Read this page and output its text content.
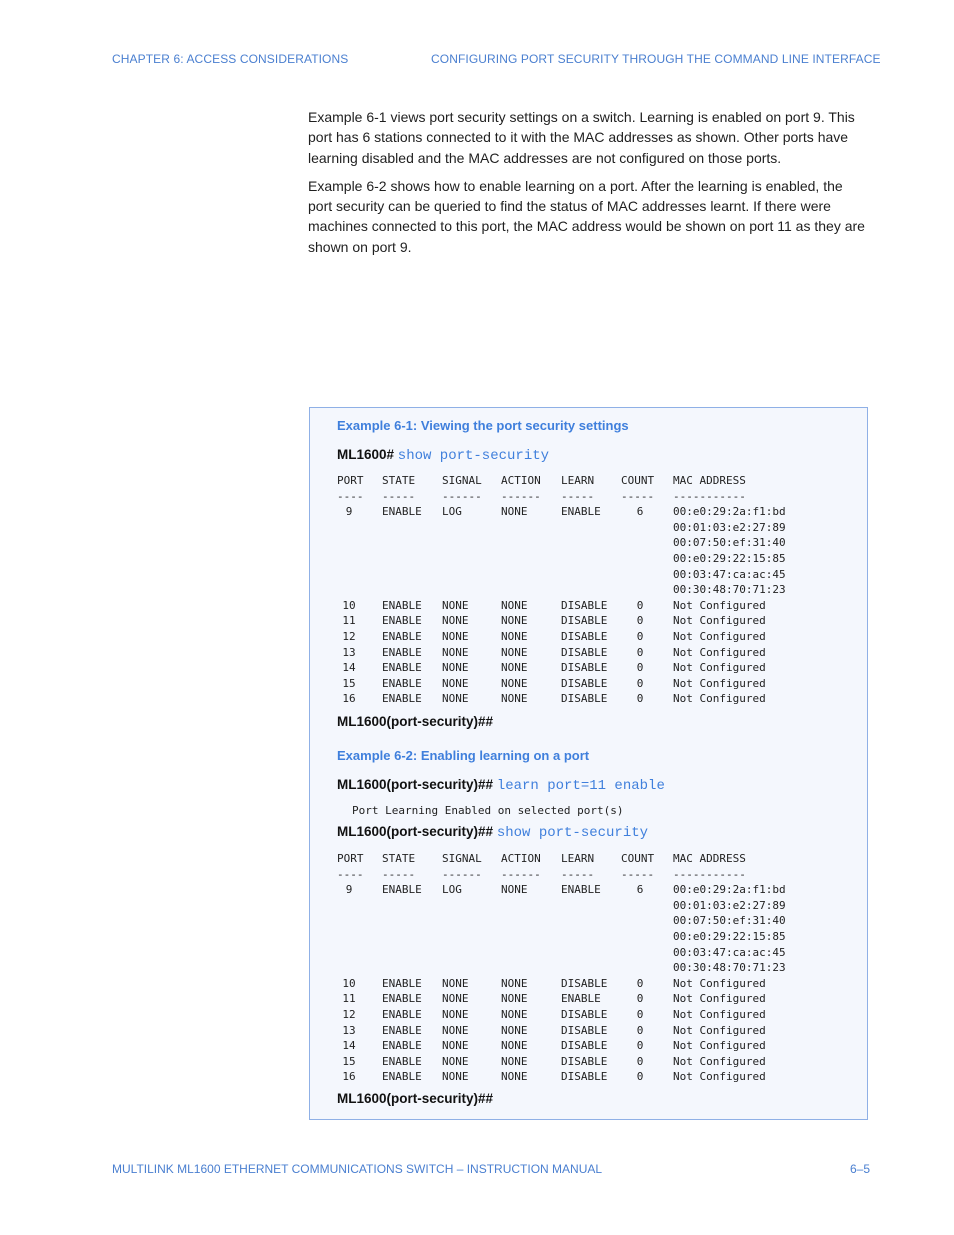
CHAPTER 6: ACCESS CONSIDERATIONS	CONFIGURING PORT SECURITY THROUGH THE COMMAND LINE INTERFACE

Example 6-1 views port security settings on a switch. Learning is enabled on port 9. This port has 6 stations connected to it with the MAC addresses as shown. Other ports have learning disabled and the MAC addresses are not configured on those ports.

Example 6-2 shows how to enable learning on a port. After the learning is enabled, the port security can be queried to find the status of MAC addresses learnt. If there were machines connected to this port, the MAC address would be shown on port 11 as they are shown on port 9.

Example 6-1: Viewing the port security settings
ML1600# show port-security
PORT	STATE SIGNAL ACTION LEARN COUNT MAC ADDRESS
----	----- ------ ------ ----- ----- -----------
9	ENABLE LOG	NONE	ENABLE	6	00:e0:29:2a:f1:bd
00:01:03:e2:27:89
00:07:50:ef:31:40
00:e0:29:22:15:85
00:03:47:ca:ac:45
00:30:48:70:71:23
10	ENABLE NONE	NONE	DISABLE	0	Not Configured
11	ENABLE NONE	NONE	DISABLE	0	Not Configured
12	ENABLE NONE	NONE	DISABLE	0	Not Configured
13	ENABLE NONE	NONE	DISABLE	0	Not Configured
14	ENABLE NONE	NONE	DISABLE	0	Not Configured
15	ENABLE NONE	NONE	DISABLE	0	Not Configured
16	ENABLE NONE	NONE	DISABLE	0	Not Configured
ML1600(port-security)##
Example 6-2: Enabling learning on a port
ML1600(port-security)## learn port=11 enable
Port Learning Enabled on selected port(s)
ML1600(port-security)## show port-security
PORT	STATE SIGNAL ACTION LEARN COUNT MAC ADDRESS
----	----- ------ ------ ----- ----- -----------
9	ENABLE LOG	NONE	ENABLE	6	00:e0:29:2a:f1:bd
00:01:03:e2:27:89
00:07:50:ef:31:40
00:e0:29:22:15:85
00:03:47:ca:ac:45
00:30:48:70:71:23
10	ENABLE NONE	NONE	DISABLE	0	Not Configured
11	ENABLE NONE	NONE	ENABLE	0	Not Configured
12	ENABLE NONE	NONE	DISABLE	0	Not Configured
13	ENABLE NONE	NONE	DISABLE	0	Not Configured
14	ENABLE NONE	NONE	DISABLE	0	Not Configured
15	ENABLE NONE	NONE	DISABLE	0	Not Configured
16	ENABLE NONE	NONE	DISABLE	0	Not Configured
ML1600(port-security)##
MULTILINK ML1600 ETHERNET COMMUNICATIONS SWITCH – INSTRUCTION MANUAL	6–5
